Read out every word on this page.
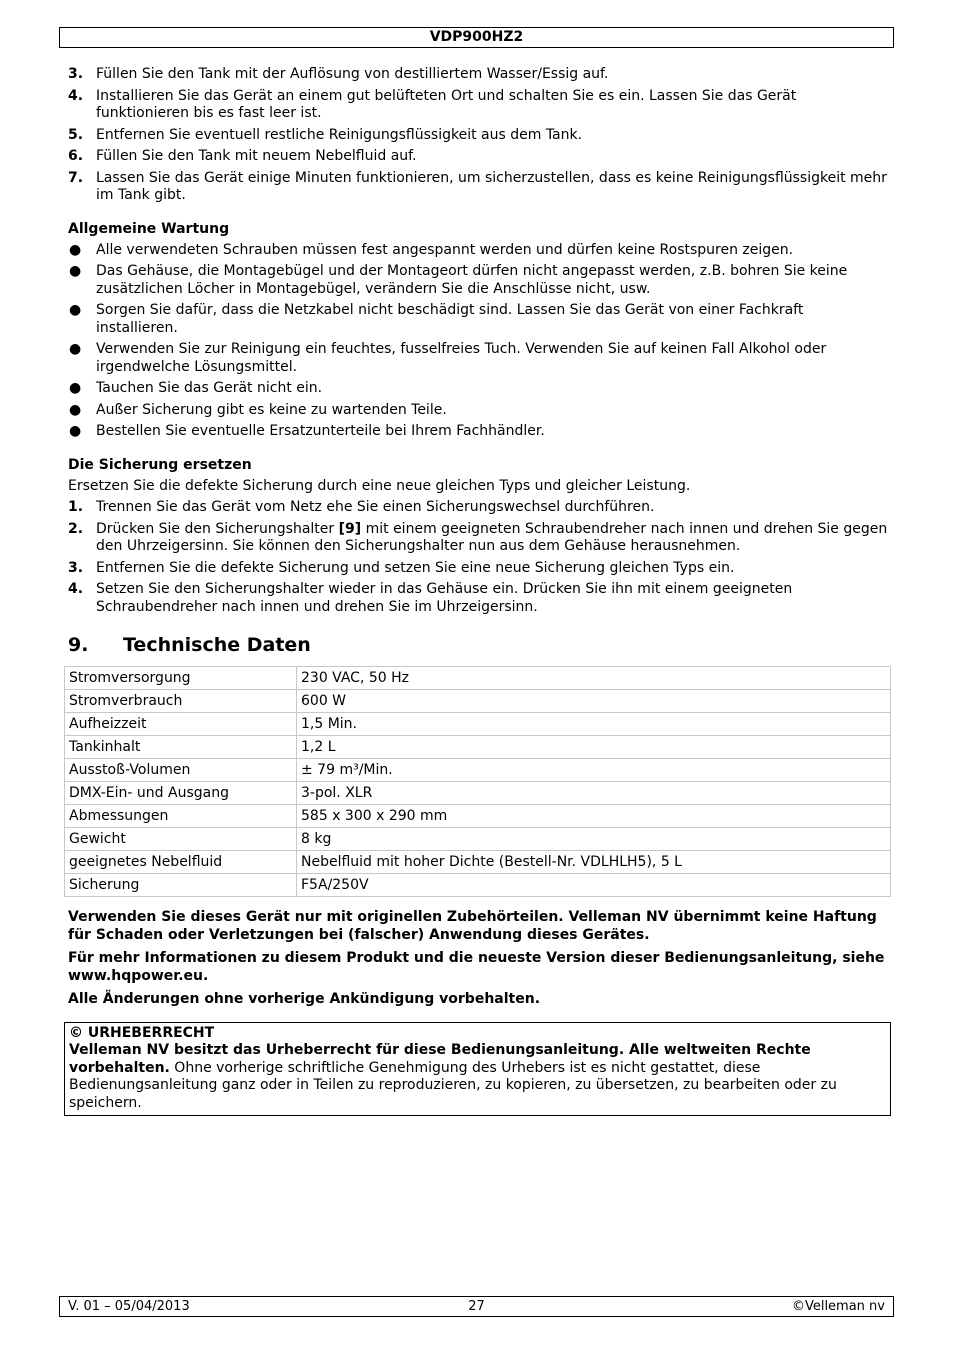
VDP900HZ2
3. Füllen Sie den Tank mit der Auflösung von destilliertem Wasser/Essig auf.
4. Installieren Sie das Gerät an einem gut belüfteten Ort und schalten Sie es ein. Lassen Sie das Gerät funktionieren bis es fast leer ist.
5. Entfernen Sie eventuell restliche Reinigungsflüssigkeit aus dem Tank.
6. Füllen Sie den Tank mit neuem Nebelfluid auf.
7. Lassen Sie das Gerät einige Minuten funktionieren, um sicherzustellen, dass es keine Reinigungsflüssigkeit mehr im Tank gibt.
Allgemeine Wartung
● Alle verwendeten Schrauben müssen fest angespannt werden und dürfen keine Rostspuren zeigen.
● Das Gehäuse, die Montagebügel und der Montageort dürfen nicht angepasst werden, z.B. bohren Sie keine zusätzlichen Löcher in Montagebügel, verändern Sie die Anschlüsse nicht, usw.
● Sorgen Sie dafür, dass die Netzkabel nicht beschädigt sind. Lassen Sie das Gerät von einer Fachkraft installieren.
● Verwenden Sie zur Reinigung ein feuchtes, fusselfreies Tuch. Verwenden Sie auf keinen Fall Alkohol oder irgendwelche Lösungsmittel.
● Tauchen Sie das Gerät nicht ein.
● Außer Sicherung gibt es keine zu wartenden Teile.
● Bestellen Sie eventuelle Ersatzunterteile bei Ihrem Fachhändler.
Die Sicherung ersetzen
Ersetzen Sie die defekte Sicherung durch eine neue gleichen Typs und gleicher Leistung.
1. Trennen Sie das Gerät vom Netz ehe Sie einen Sicherungswechsel durchführen.
2. Drücken Sie den Sicherungshalter [9] mit einem geeigneten Schraubendreher nach innen und drehen Sie gegen den Uhrzeigersinn. Sie können den Sicherungshalter nun aus dem Gehäuse herausnehmen.
3. Entfernen Sie die defekte Sicherung und setzen Sie eine neue Sicherung gleichen Typs ein.
4. Setzen Sie den Sicherungshalter wieder in das Gehäuse ein. Drücken Sie ihn mit einem geeigneten Schraubendreher nach innen und drehen Sie im Uhrzeigersinn.
9. Technische Daten
Stromversorgung	230 VAC, 50 Hz
Stromverbrauch	600 W
Aufheizzeit	1,5 Min.
Tankinhalt	1,2 L
Ausstoß-Volumen	± 79 m³/Min.
DMX-Ein- und Ausgang	3-pol. XLR
Abmessungen	585 x 300 x 290 mm
Gewicht	8 kg
geeignetes Nebelfluid	Nebelfluid mit hoher Dichte (Bestell-Nr. VDLHLH5), 5 L
Sicherung	F5A/250V
Verwenden Sie dieses Gerät nur mit originellen Zubehörteilen. Velleman NV übernimmt keine Haftung für Schaden oder Verletzungen bei (falscher) Anwendung dieses Gerätes.
Für mehr Informationen zu diesem Produkt und die neueste Version dieser Bedienungsanleitung, siehe www.hqpower.eu.
Alle Änderungen ohne vorherige Ankündigung vorbehalten.
© URHEBERRECHT
Velleman NV besitzt das Urheberrecht für diese Bedienungsanleitung. Alle weltweiten Rechte vorbehalten. Ohne vorherige schriftliche Genehmigung des Urhebers ist es nicht gestattet, diese Bedienungsanleitung ganz oder in Teilen zu reproduzieren, zu kopieren, zu übersetzen, zu bearbeiten oder zu speichern.
V. 01 – 05/04/2013	27	©Velleman nv
